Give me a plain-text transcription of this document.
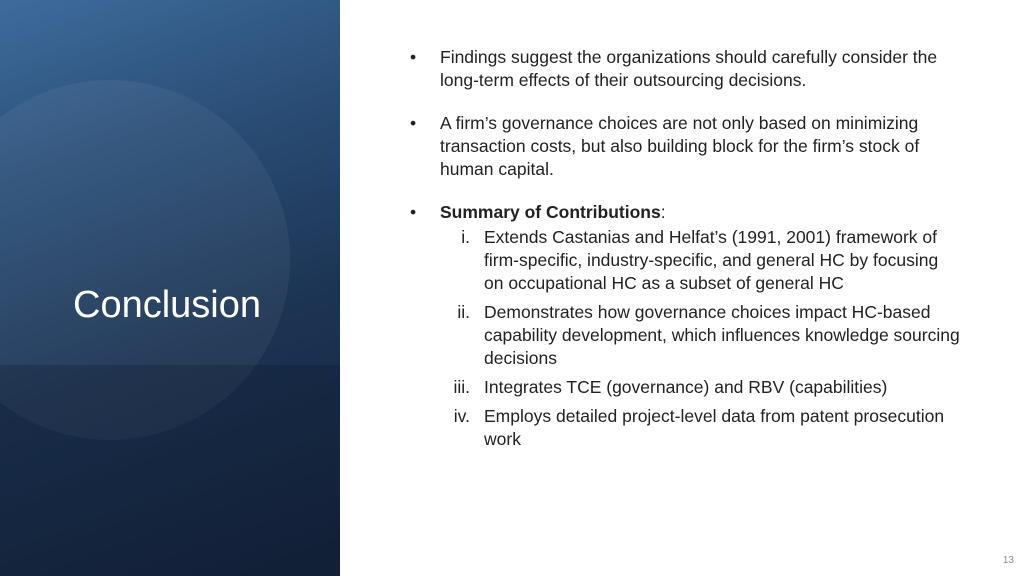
Conclusion
• Findings suggest the organizations should carefully consider the long-term effects of their outsourcing decisions.
• A firm’s governance choices are not only based on minimizing transaction costs, but also building block for the firm’s stock of human capital.
• Summary of Contributions:
i. Extends Castanias and Helfat’s (1991, 2001) framework of firm-specific, industry-specific, and general HC by focusing on occupational HC as a subset of general HC
ii. Demonstrates how governance choices impact HC-based capability development, which influences knowledge sourcing decisions
iii. Integrates TCE (governance) and RBV (capabilities)
iv. Employs detailed project-level data from patent prosecution work
13
